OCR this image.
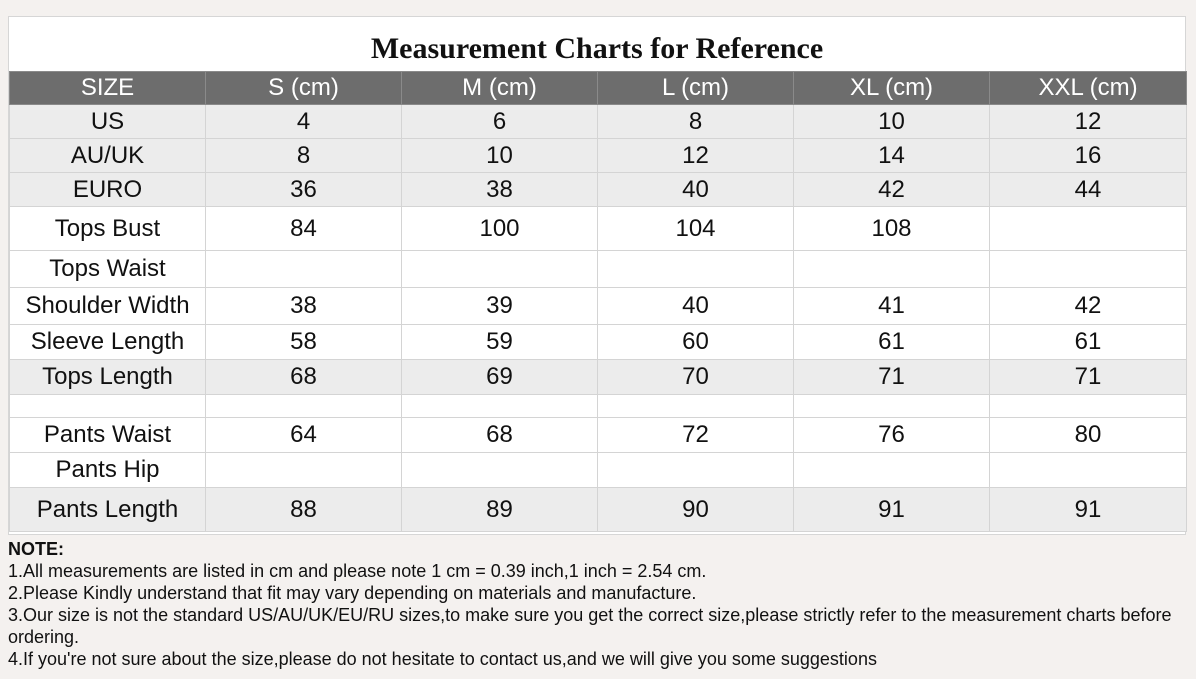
Measurement Charts for Reference
SIZE	S (cm)	M (cm)	L (cm)	XL (cm)	XXL (cm)
US	4	6	8	10	12
AU/UK	8	10	12	14	16
EURO	36	38	40	42	44
Tops Bust	84	100	104	108	
Tops Waist					
Shoulder Width	38	39	40	41	42
Sleeve Length	58	59	60	61	61
Tops Length	68	69	70	71	71

Pants Waist	64	68	72	76	80
Pants Hip					
Pants Length	88	89	90	91	91
NOTE:
1.All measurements are listed in cm and please note 1 cm = 0.39 inch,1 inch = 2.54 cm.
2.Please Kindly understand that fit may vary depending on materials and manufacture.
3.Our size is not the standard US/AU/UK/EU/RU sizes,to make sure you get the correct size,please strictly refer to the measurement charts before ordering.
4.If you're not sure about the size,please do not hesitate to contact us,and we will give you some suggestions
